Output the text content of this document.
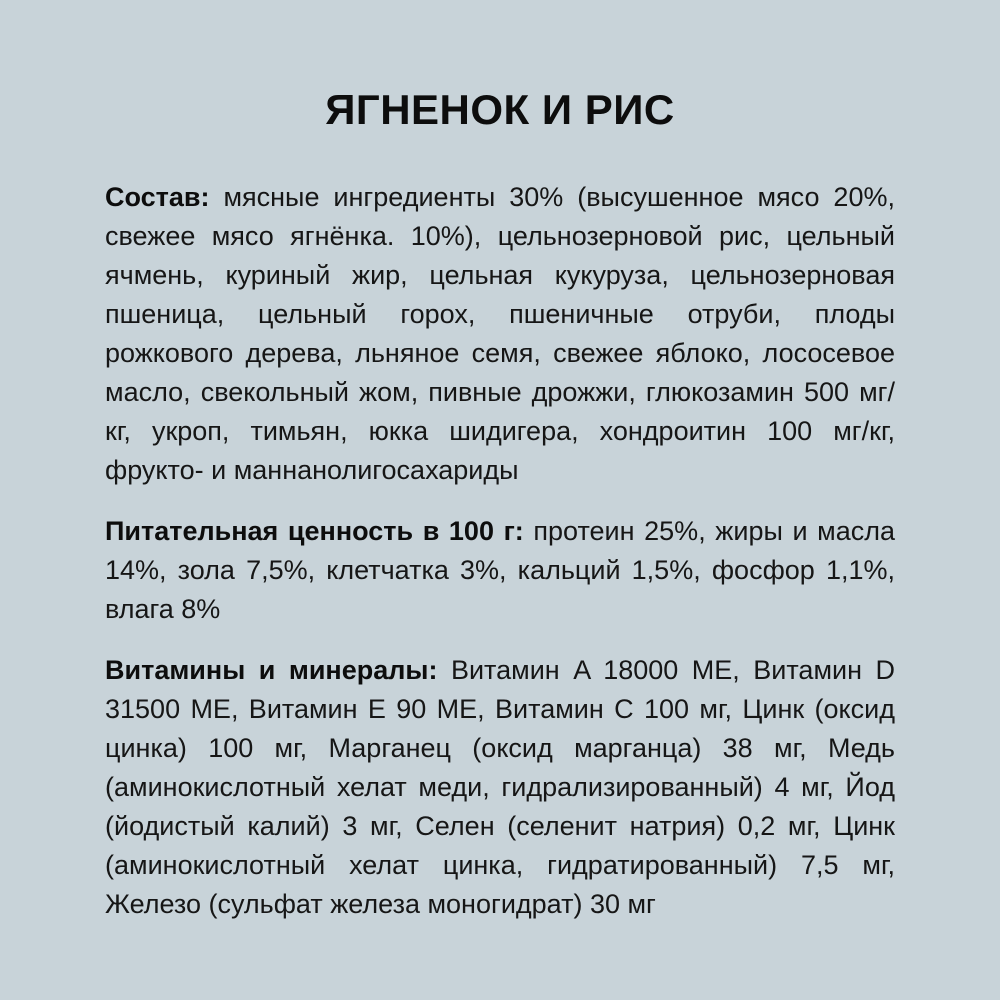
ЯГНЕНОК И РИС

Состав: мясные ингредиенты 30% (высушенное мясо 20%, свежее мясо ягнёнка. 10%), цельнозерновой рис, цельный ячмень, куриный жир, цельная кукуруза, цельнозерновая пшеница, цельный горох, пшеничные отруби, плоды рожкового дерева, льняное семя, свежее яблоко, лососевое масло, свекольный жом, пивные дрожжи, глюкозамин 500 мг/кг, укроп, тимьян, юкка шидигера, хондроитин 100 мг/кг, фрукто- и маннанолигосахариды

Питательная ценность в 100 г: протеин 25%, жиры и масла 14%, зола 7,5%, клетчатка 3%, кальций 1,5%, фосфор 1,1%, влага 8%

Витамины и минералы: Витамин A 18000 МЕ, Витамин D 31500 МЕ, Витамин E 90 МЕ, Витамин C 100 мг, Цинк (оксид цинка) 100 мг, Марганец (оксид марганца) 38 мг, Медь (аминокислотный хелат меди, гидрализированный) 4 мг, Йод (йодистый калий) 3 мг, Селен (селенит натрия) 0,2 мг, Цинк (аминокислотный хелат цинка, гидратированный) 7,5 мг, Железо (сульфат железа моногидрат) 30 мг
